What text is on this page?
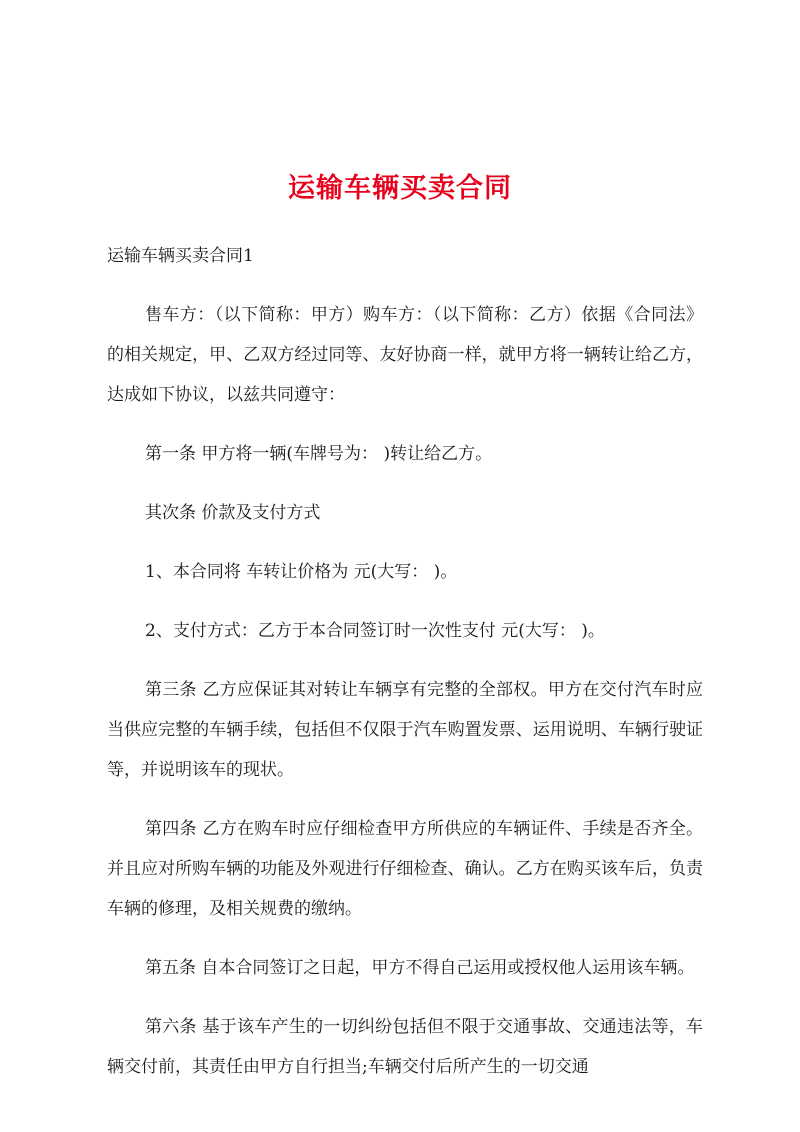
运输车辆买卖合同

运输车辆买卖合同1

售车方：（以下简称：甲方）购车方：（以下简称：乙方）依据《合同法》的相关规定，甲、乙双方经过同等、友好协商一样，就甲方将一辆转让给乙方，达成如下协议，以兹共同遵守：

第一条 甲方将一辆(车牌号为： )转让给乙方。

其次条 价款及支付方式

1、本合同将 车转让价格为 元(大写： )。

2、支付方式：乙方于本合同签订时一次性支付 元(大写： )。

第三条 乙方应保证其对转让车辆享有完整的全部权。甲方在交付汽车时应当供应完整的车辆手续，包括但不仅限于汽车购置发票、运用说明、车辆行驶证等，并说明该车的现状。

第四条 乙方在购车时应仔细检查甲方所供应的车辆证件、手续是否齐全。并且应对所购车辆的功能及外观进行仔细检查、确认。乙方在购买该车后，负责车辆的修理，及相关规费的缴纳。

第五条 自本合同签订之日起，甲方不得自己运用或授权他人运用该车辆。

第六条 基于该车产生的一切纠纷包括但不限于交通事故、交通违法等，车辆交付前，其责任由甲方自行担当;车辆交付后所产生的一切交通
